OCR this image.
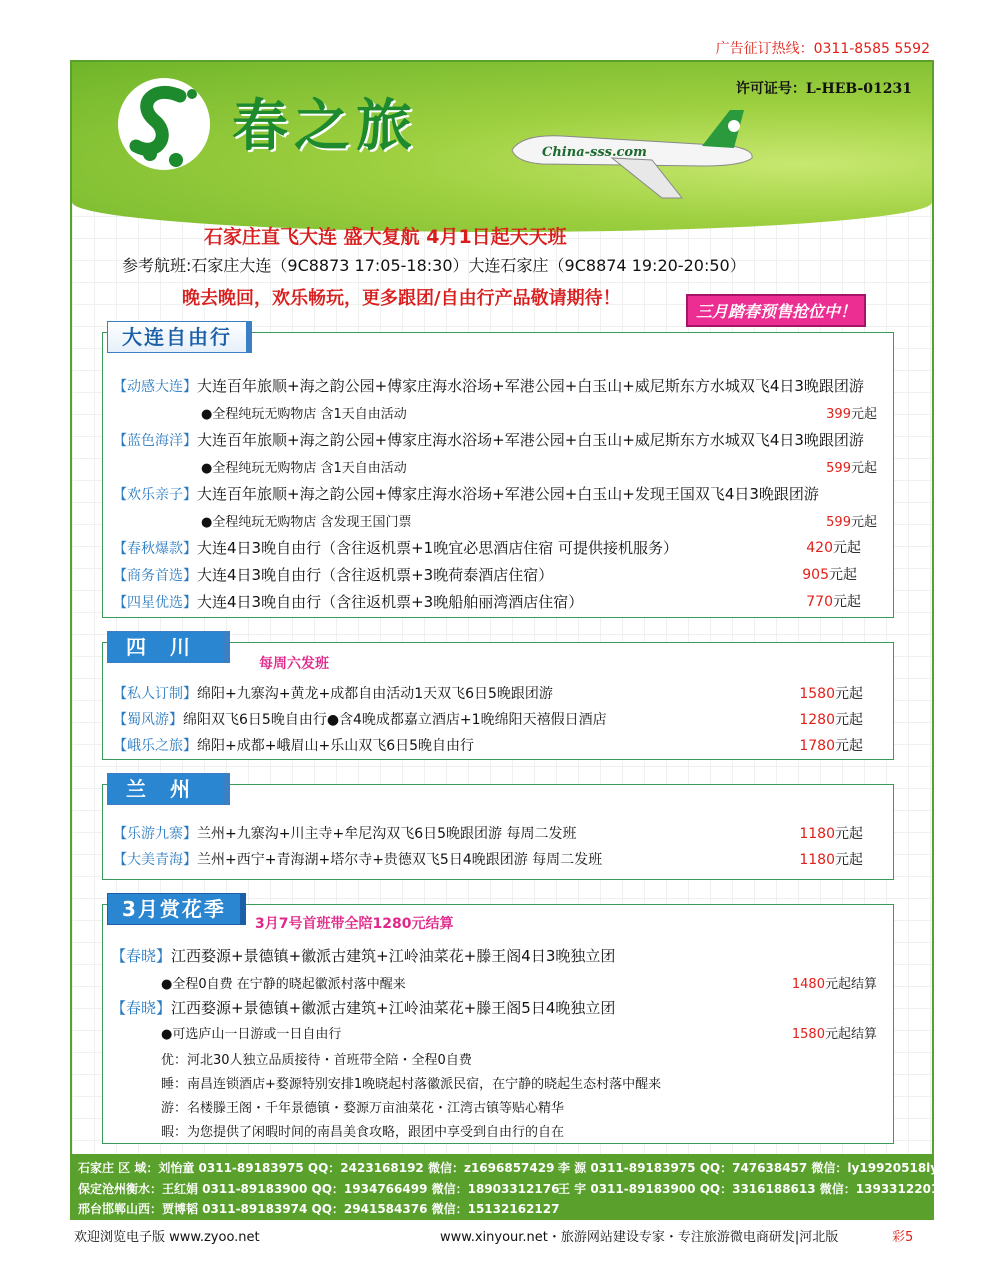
广告征订热线：0311-8585 5592
春之旅
许可证号：L-HEB-01231
China-sss.com
石家庄直飞大连 盛大复航 4月1日起天天班
参考航班:石家庄大连（9C8873 17:05-18:30）大连石家庄（9C8874 19:20-20:50）
晚去晚回，欢乐畅玩，更多跟团/自由行产品敬请期待！
三月踏春预售抢位中！
大连自由行
【动感大连】大连百年旅顺+海之韵公园+傅家庄海水浴场+军港公园+白玉山+威尼斯东方水城双飞4日3晚跟团游
●全程纯玩无购物店 含1天自由活动	399元起
【蓝色海洋】大连百年旅顺+海之韵公园+傅家庄海水浴场+军港公园+白玉山+威尼斯东方水城双飞4日3晚跟团游
●全程纯玩无购物店 含1天自由活动	599元起
【欢乐亲子】大连百年旅顺+海之韵公园+傅家庄海水浴场+军港公园+白玉山+发现王国双飞4日3晚跟团游
●全程纯玩无购物店 含发现王国门票	599元起
【春秋爆款】大连4日3晚自由行（含往返机票+1晚宜必思酒店住宿 可提供接机服务）	420元起
【商务首选】大连4日3晚自由行（含往返机票+3晚荷泰酒店住宿）	905元起
【四星优选】大连4日3晚自由行（含往返机票+3晚船舶丽湾酒店住宿）	770元起
四川
每周六发班
【私人订制】绵阳+九寨沟+黄龙+成都自由活动1天双飞6日5晚跟团游	1580元起
【蜀风游】绵阳双飞6日5晚自由行●含4晚成都嘉立酒店+1晚绵阳天禧假日酒店	1280元起
【峨乐之旅】绵阳+成都+峨眉山+乐山双飞6日5晚自由行	1780元起
兰州
【乐游九寨】兰州+九寨沟+川主寺+牟尼沟双飞6日5晚跟团游 每周二发班	1180元起
【大美青海】兰州+西宁+青海湖+塔尔寺+贵德双飞5日4晚跟团游 每周二发班	1180元起
3月赏花季
3月7号首班带全陪1280元结算
【春晓】江西婺源+景德镇+徽派古建筑+江岭油菜花+滕王阁4日3晚独立团
●全程0自费 在宁静的晓起徽派村落中醒来	1480元起结算
【春晓】江西婺源+景德镇+徽派古建筑+江岭油菜花+滕王阁5日4晚独立团
●可选庐山一日游或一日自由行	1580元起结算
优：河北30人独立品质接待・首班带全陪・全程0自费
睡：南昌连锁酒店+婺源特别安排1晚晓起村落徽派民宿，在宁静的晓起生态村落中醒来
游：名楼滕王阁・千年景德镇・婺源万亩油菜花・江湾古镇等贴心精华
暇：为您提供了闲暇时间的南昌美食攻略，跟团中享受到自由行的自在
石家庄 区 域：刘怡童 0311-89183975 QQ：2423168192 微信：z1696857429 李 源 0311-89183975 QQ：747638457 微信：ly19920518ly
保定沧州衡水：王红娟 0311-89183900 QQ：1934766499 微信：18903312176
王 宇 0311-89183900 QQ：3316188613 微信：13933122015
邢台邯郸山西：贾博韬 0311-89183974 QQ：2941584376 微信：15132162127
欢迎浏览电子版 www.zyoo.net	www.xinyour.net・旅游网站建设专家・专注旅游微电商研发|河北版	彩5
